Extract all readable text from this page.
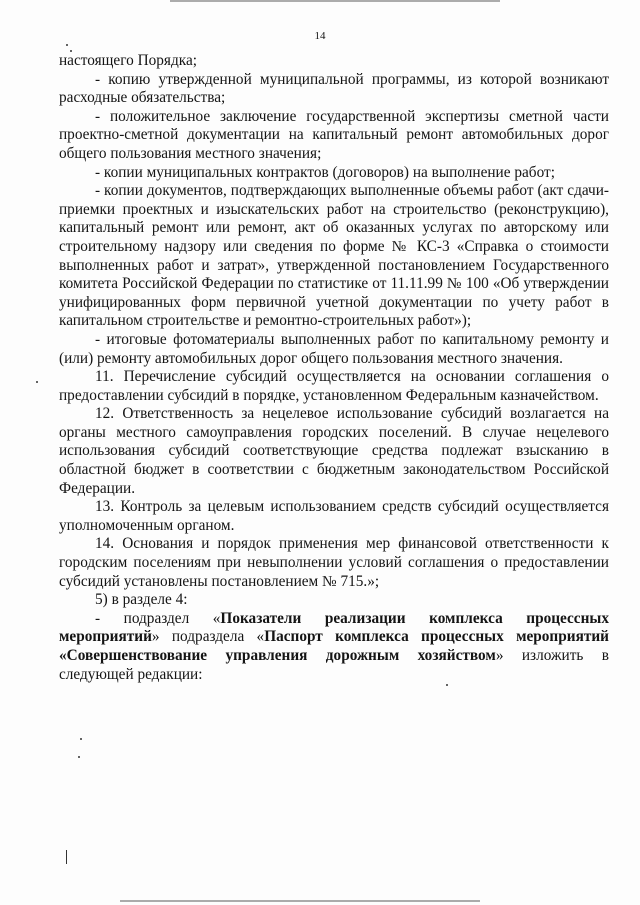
14

настоящего Порядка;

- копию утвержденной муниципальной программы, из которой возникают расходные обязательства;

- положительное заключение государственной экспертизы сметной части проектно-сметной документации на капитальный ремонт автомобильных дорог общего пользования местного значения;

- копии муниципальных контрактов (договоров) на выполнение работ;

- копии документов, подтверждающих выполненные объемы работ (акт сдачи-приемки проектных и изыскательских работ на строительство (реконструкцию), капитальный ремонт или ремонт, акт об оказанных услугах по авторскому или строительному надзору или сведения по форме № КС-3 «Справка о стоимости выполненных работ и затрат», утвержденной постановлением Государственного комитета Российской Федерации по статистике от 11.11.99 № 100 «Об утверждении унифицированных форм первичной учетной документации по учету работ в капитальном строительстве и ремонтно-строительных работ»);

- итоговые фотоматериалы выполненных работ по капитальному ремонту и (или) ремонту автомобильных дорог общего пользования местного значения.

11. Перечисление субсидий осуществляется на основании соглашения о предоставлении субсидий в порядке, установленном Федеральным казначейством.

12. Ответственность за нецелевое использование субсидий возлагается на органы местного самоуправления городских поселений. В случае нецелевого использования субсидий соответствующие средства подлежат взысканию в областной бюджет в соответствии с бюджетным законодательством Российской Федерации.

13. Контроль за целевым использованием средств субсидий осуществляется уполномоченным органом.

14. Основания и порядок применения мер финансовой ответственности к городским поселениям при невыполнении условий соглашения о предоставлении субсидий установлены постановлением № 715.»;

5) в разделе 4:

- подраздел «Показатели реализации комплекса процессных мероприятий» подраздела «Паспорт комплекса процессных мероприятий «Совершенствование управления дорожным хозяйством» изложить в следующей редакции:
